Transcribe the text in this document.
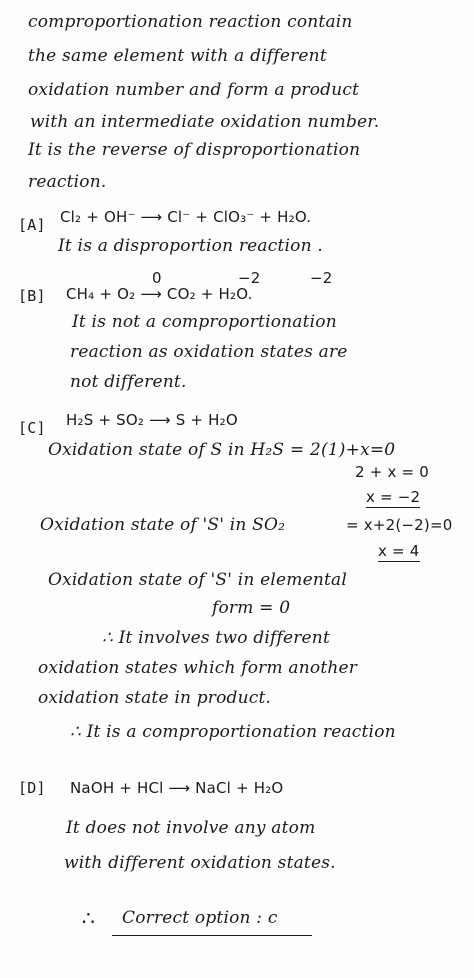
comproportionation reaction contain
the same element with a different
oxidation number and form a product
with an intermediate oxidation number.
It is the reverse of disproportionation
reaction.
[A] Cl₂ + OH⁻ ⟶ Cl⁻ + ClO₃⁻ + H₂O.
It is a disproportion reaction .
[B]
0	−2	−2
CH₄ + O₂ ⟶ CO₂ + H₂O.
It is not a comproportionation
reaction as oxidation states are
not different.
[C] H₂S + SO₂ ⟶ S + H₂O
Oxidation state of S in H₂S = 2(1)+x=0
2 + x = 0
x = −2
Oxidation state of 'S' in SO₂	= x+2(−2)=0
x = 4
Oxidation state of 'S' in elemental
form = 0
∴ It involves two different
oxidation states which form another
oxidation state in product.
∴ It is a comproportionation reaction
[D] NaOH + HCl ⟶ NaCl + H₂O
It does not involve any atom
with different oxidation states.
∴ Correct option : c
